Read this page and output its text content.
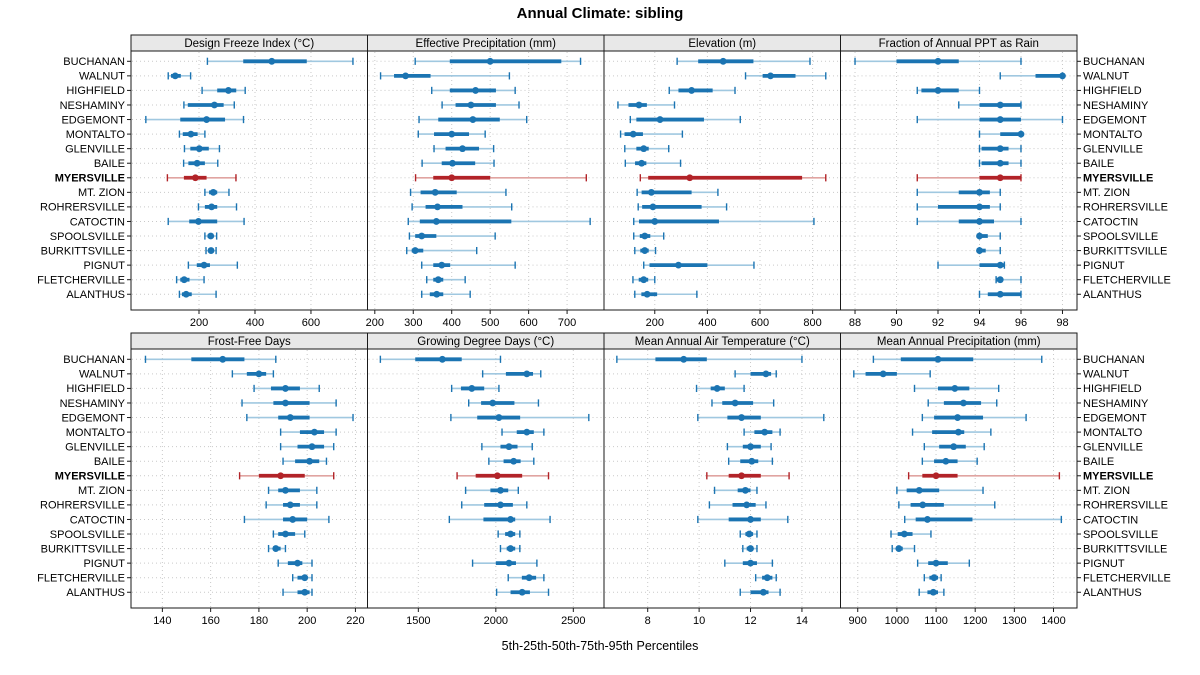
Annual Climate: sibling
Design Freeze Index (°C)
200	400	600
Effective Precipitation (mm)
200 300 400 500 600 700
Elevation (m)
200	400	600	800
Fraction of Annual PPT as Rain
88	90	92	94	96	98
Frost-Free Days
140	160	180	200	220
Growing Degree Days (°C)
1500	2000	2500
Mean Annual Air Temperature (°C)
8	10	12	14
Mean Annual Precipitation (mm)
900 1000 1100 1200 1300 1400
BUCHANAN	BUCHANAN
WALNUT	WALNUT
HIGHFIELD	HIGHFIELD
NESHAMINY	NESHAMINY
EDGEMONT	EDGEMONT
MONTALTO	MONTALTO
GLENVILLE	GLENVILLE
BAILE	BAILE
MYERSVILLE	MYERSVILLE
MT. ZION	MT. ZION
ROHRERSVILLE	ROHRERSVILLE
CATOCTIN	CATOCTIN
SPOOLSVILLE	SPOOLSVILLE
BURKITTSVILLE	BURKITTSVILLE
PIGNUT	PIGNUT
FLETCHERVILLE	FLETCHERVILLE
ALANTHUS	ALANTHUS
BUCHANAN	BUCHANAN
WALNUT	WALNUT
HIGHFIELD	HIGHFIELD
NESHAMINY	NESHAMINY
EDGEMONT	EDGEMONT
MONTALTO	MONTALTO
GLENVILLE	GLENVILLE
BAILE	BAILE
MYERSVILLE	MYERSVILLE
MT. ZION	MT. ZION
ROHRERSVILLE	ROHRERSVILLE
CATOCTIN	CATOCTIN
SPOOLSVILLE	SPOOLSVILLE
BURKITTSVILLE	BURKITTSVILLE
PIGNUT	PIGNUT
FLETCHERVILLE	FLETCHERVILLE
ALANTHUS	ALANTHUS
5th-25th-50th-75th-95th Percentiles
